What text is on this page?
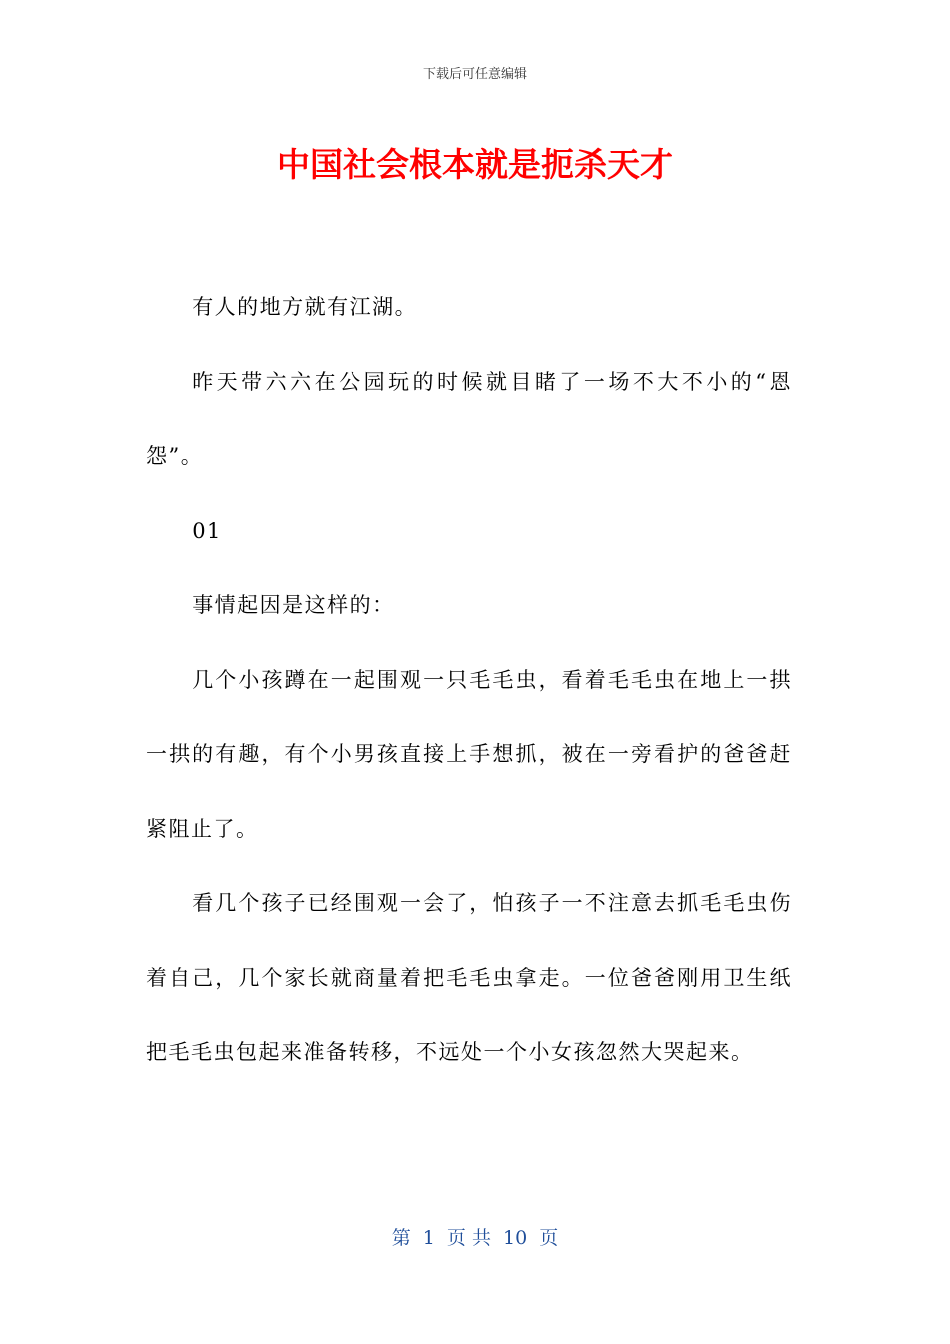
下载后可任意编辑
中国社会根本就是扼杀天才

有人的地方就有江湖。

昨天带六六在公园玩的时候就目睹了一场不大不小的“恩怨”。

01

事情起因是这样的：

几个小孩蹲在一起围观一只毛毛虫，看着毛毛虫在地上一拱一拱的有趣，有个小男孩直接上手想抓，被在一旁看护的爸爸赶紧阻止了。

看几个孩子已经围观一会了，怕孩子一不注意去抓毛毛虫伤着自己，几个家长就商量着把毛毛虫拿走。一位爸爸刚用卫生纸把毛毛虫包起来准备转移，不远处一个小女孩忽然大哭起来。

第  1  页 共  10  页
